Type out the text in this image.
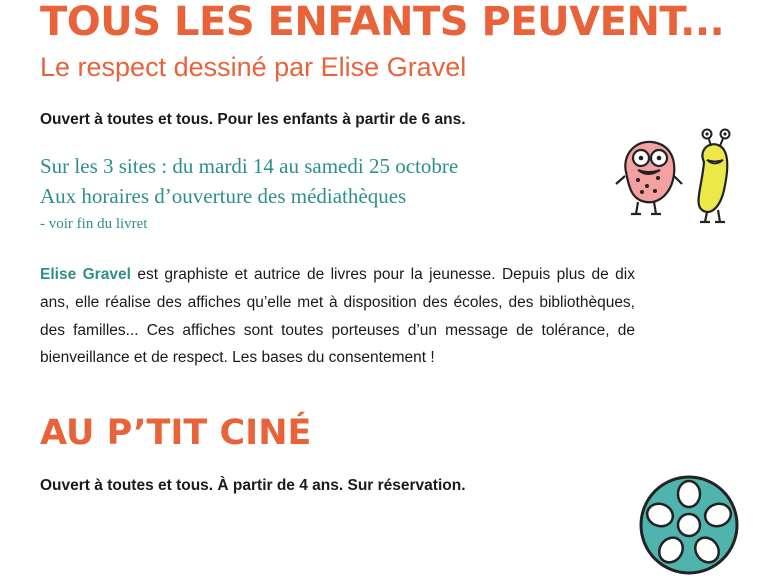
TOUS LES ENFANTS PEUVENT...
Le respect dessiné par Elise Gravel

Ouvert à toutes et tous. Pour les enfants à partir de 6 ans.

Sur les 3 sites : du mardi 14 au samedi 25 octobre
Aux horaires d’ouverture des médiathèques
- voir fin du livret

Elise Gravel est graphiste et autrice de livres pour la jeunesse. Depuis plus de dix ans, elle réalise des affiches qu’elle met à disposition des écoles, des bibliothèques, des familles... Ces affiches sont toutes porteuses d’un message de tolérance, de bienveillance et de respect. Les bases du consentement !

AU P’TIT CINÉ

Ouvert à toutes et tous. À partir de 4 ans. Sur réservation.
